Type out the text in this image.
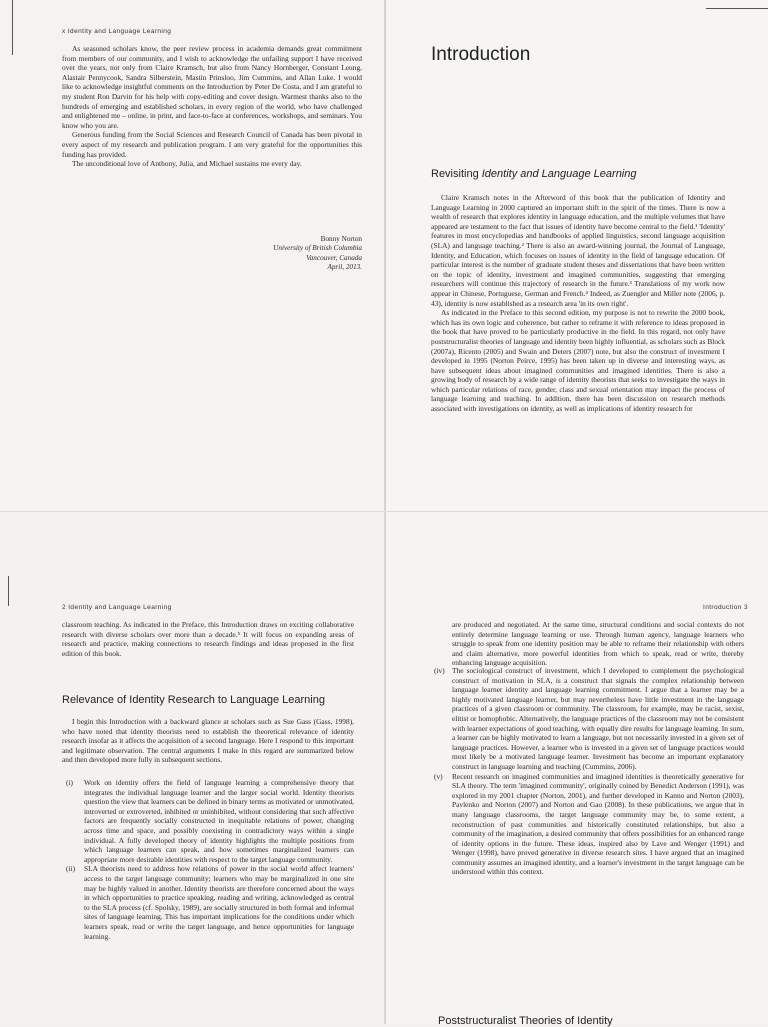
x Identity and Language Learning

As seasoned scholars know, the peer review process in academia demands great commitment from members of our community, and I wish to acknowledge the unfailing support I have received over the years, not only from Claire Kramsch, but also from Nancy Hornberger, Constant Leung, Alastair Pennycook, Sandra Silberstein, Mastin Prinsloo, Jim Cummins, and Allan Luke. I would like to acknowledge insightful comments on the Introduction by Peter De Costa, and I am grateful to my student Ron Darvin for his help with copy-editing and cover design. Warmest thanks also to the hundreds of emerging and established scholars, in every region of the world, who have challenged and enlightened me – online, in print, and face-to-face at conferences, workshops, and seminars. You know who you are.

Generous funding from the Social Sciences and Research Council of Canada has been pivotal in every aspect of my research and publication program. I am very grateful for the opportunities this funding has provided.

The unconditional love of Anthony, Julia, and Michael sustains me every day.

Bonny Norton
University of British Columbia
Vancouver, Canada
April, 2013.
Introduction
Revisiting Identity and Language Learning

Claire Kramsch notes in the Afterword of this book that the publication of Identity and Language Learning in 2000 captured an important shift in the spirit of the times. There is now a wealth of research that explores identity in language education, and the multiple volumes that have appeared are testament to the fact that issues of identity have become central to the field.¹ 'Identity' features in most encyclopedias and handbooks of applied linguistics, second language acquisition (SLA) and language teaching.² There is also an award-winning journal, the Journal of Language, Identity, and Education, which focuses on issues of identity in the field of language education. Of particular interest is the number of graduate student theses and dissertations that have been written on the topic of identity, investment and imagined communities, suggesting that emerging researchers will continue this trajectory of research in the future.³ Translations of my work now appear in Chinese, Portuguese, German and French.⁴ Indeed, as Zuengler and Miller note (2006, p. 43), identity is now established as a research area 'in its own right'.

As indicated in the Preface to this second edition, my purpose is not to rewrite the 2000 book, which has its own logic and coherence, but rather to reframe it with reference to ideas proposed in the book that have proved to be particularly productive in the field. In this regard, not only have poststructuralist theories of language and identity been highly influential, as scholars such as Block (2007a), Ricento (2005) and Swain and Deters (2007) note, but also the construct of investment I developed in 1995 (Norton Peirce, 1995) has been taken up in diverse and interesting ways, as have subsequent ideas about imagined communities and imagined identities. There is also a growing body of research by a wide range of identity theorists that seeks to investigate the ways in which particular relations of race, gender, class and sexual orientation may impact the process of language learning and teaching. In addition, there has been discussion on research methods associated with investigations on identity, as well as implications of identity research for

2 Identity and Language Learning

classroom teaching. As indicated in the Preface, this Introduction draws on exciting collaborative research with diverse scholars over more than a decade.⁵ It will focus on expanding areas of research and practice, making connections to research findings and ideas proposed in the first edition of this book.

Relevance of Identity Research to Language Learning

I begin this Introduction with a backward glance at scholars such as Sue Gass (Gass, 1998), who have noted that identity theorists need to establish the theoretical relevance of identity research insofar as it affects the acquisition of a second language. Here I respond to this important and legitimate observation. The central arguments I make in this regard are summarized below and then developed more fully in subsequent sections.

(i) Work on identity offers the field of language learning a comprehensive theory that integrates the individual language learner and the larger social world. Identity theorists question the view that learners can be defined in binary terms as motivated or unmotivated, introverted or extroverted, inhibited or uninhibited, without considering that such affective factors are frequently socially constructed in inequitable relations of power, changing across time and space, and possibly coexisting in contradictory ways within a single individual. A fully developed theory of identity highlights the multiple positions from which language learners can speak, and how sometimes marginalized learners can appropriate more desirable identities with respect to the target language community.
(ii) SLA theorists need to address how relations of power in the social world affect learners' access to the target language community; learners who may be marginalized in one site may be highly valued in another. Identity theorists are therefore concerned about the ways in which opportunities to practice speaking, reading and writing, acknowledged as central to the SLA process (cf. Spolsky, 1989), are socially structured in both formal and informal sites of language learning. This has important implications for the conditions under which learners speak, read or write the target language, and hence opportunities for language learning.
Introduction 3

are produced and negotiated. At the same time, structural conditions and social contexts do not entirely determine language learning or use. Through human agency, language learners who struggle to speak from one identity position may be able to reframe their relationship with others and claim alternative, more powerful identities from which to speak, read or write, thereby enhancing language acquisition.

(iv) The sociological construct of investment, which I developed to complement the psychological construct of motivation in SLA, is a construct that signals the complex relationship between language learner identity and language learning commitment. I argue that a learner may be a highly motivated language learner, but may nevertheless have little investment in the language practices of a given classroom or community. The classroom, for example, may be racist, sexist, elitist or homophobic. Alternatively, the language practices of the classroom may not be consistent with learner expectations of good teaching, with equally dire results for language learning. In sum, a learner can be highly motivated to learn a language, but not necessarily invested in a given set of language practices. However, a learner who is invested in a given set of language practices would most likely be a motivated language learner. Investment has become an important explanatory construct in language learning and teaching (Cummins, 2006).
(v) Recent research on imagined communities and imagined identities is theoretically generative for SLA theory. The term 'imagined community', originally coined by Benedict Anderson (1991), was explored in my 2001 chapter (Norton, 2001), and further developed in Kanno and Norton (2003), Pavlenko and Norton (2007) and Norton and Gao (2008). In these publications, we argue that in many language classrooms, the target language community may be, to some extent, a reconstruction of past communities and historically constituted relationships, but also a community of the imagination, a desired community that offers possibilities for an enhanced range of identity options in the future. These ideas, inspired also by Lave and Wenger (1991) and Wenger (1998), have proved generative in diverse research sites. I have argued that an imagined community assumes an imagined identity, and a learner's investment in the target language can be understood within this context.
Poststructuralist Theories of Identity
